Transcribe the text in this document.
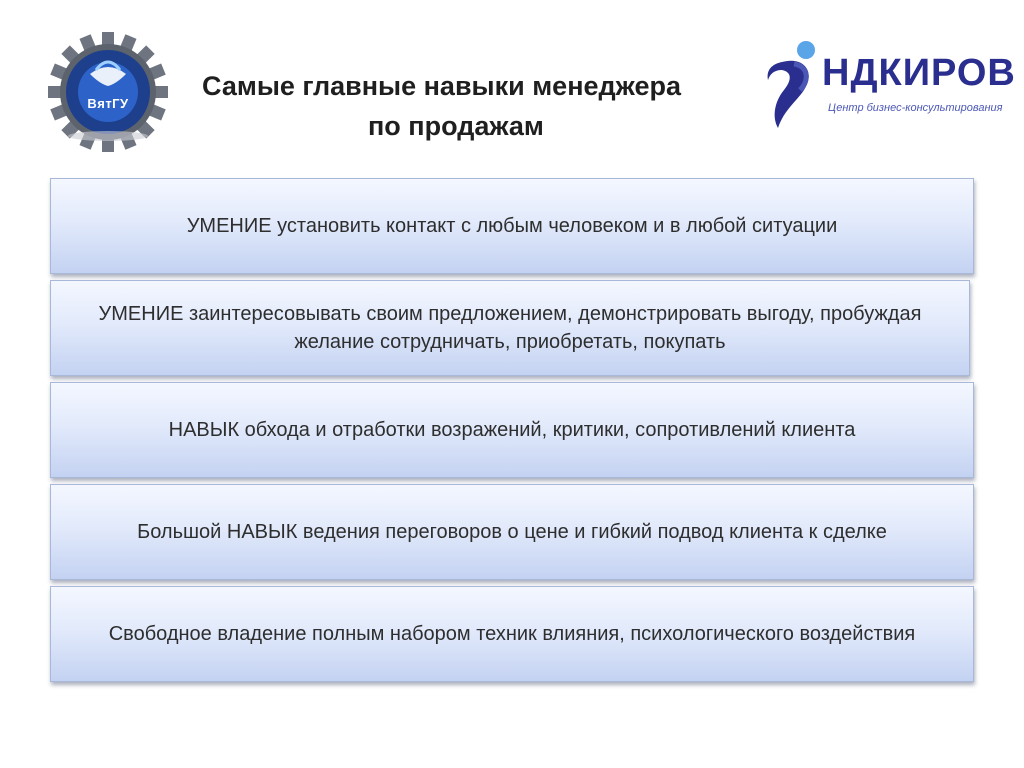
ВятГУ
Самые главные навыки менеджера
по продажам
НДКИРОВ
Центр бизнес-консультирования
УМЕНИЕ установить контакт с любым человеком и в любой ситуации
УМЕНИЕ заинтересовывать своим предложением, демонстрировать выгоду, пробуждая желание сотрудничать, приобретать, покупать
НАВЫК обхода и отработки возражений, критики, сопротивлений клиента
Большой НАВЫК ведения переговоров о цене и гибкий подвод клиента к сделке
Свободное владение полным набором техник влияния, психологического воздействия
